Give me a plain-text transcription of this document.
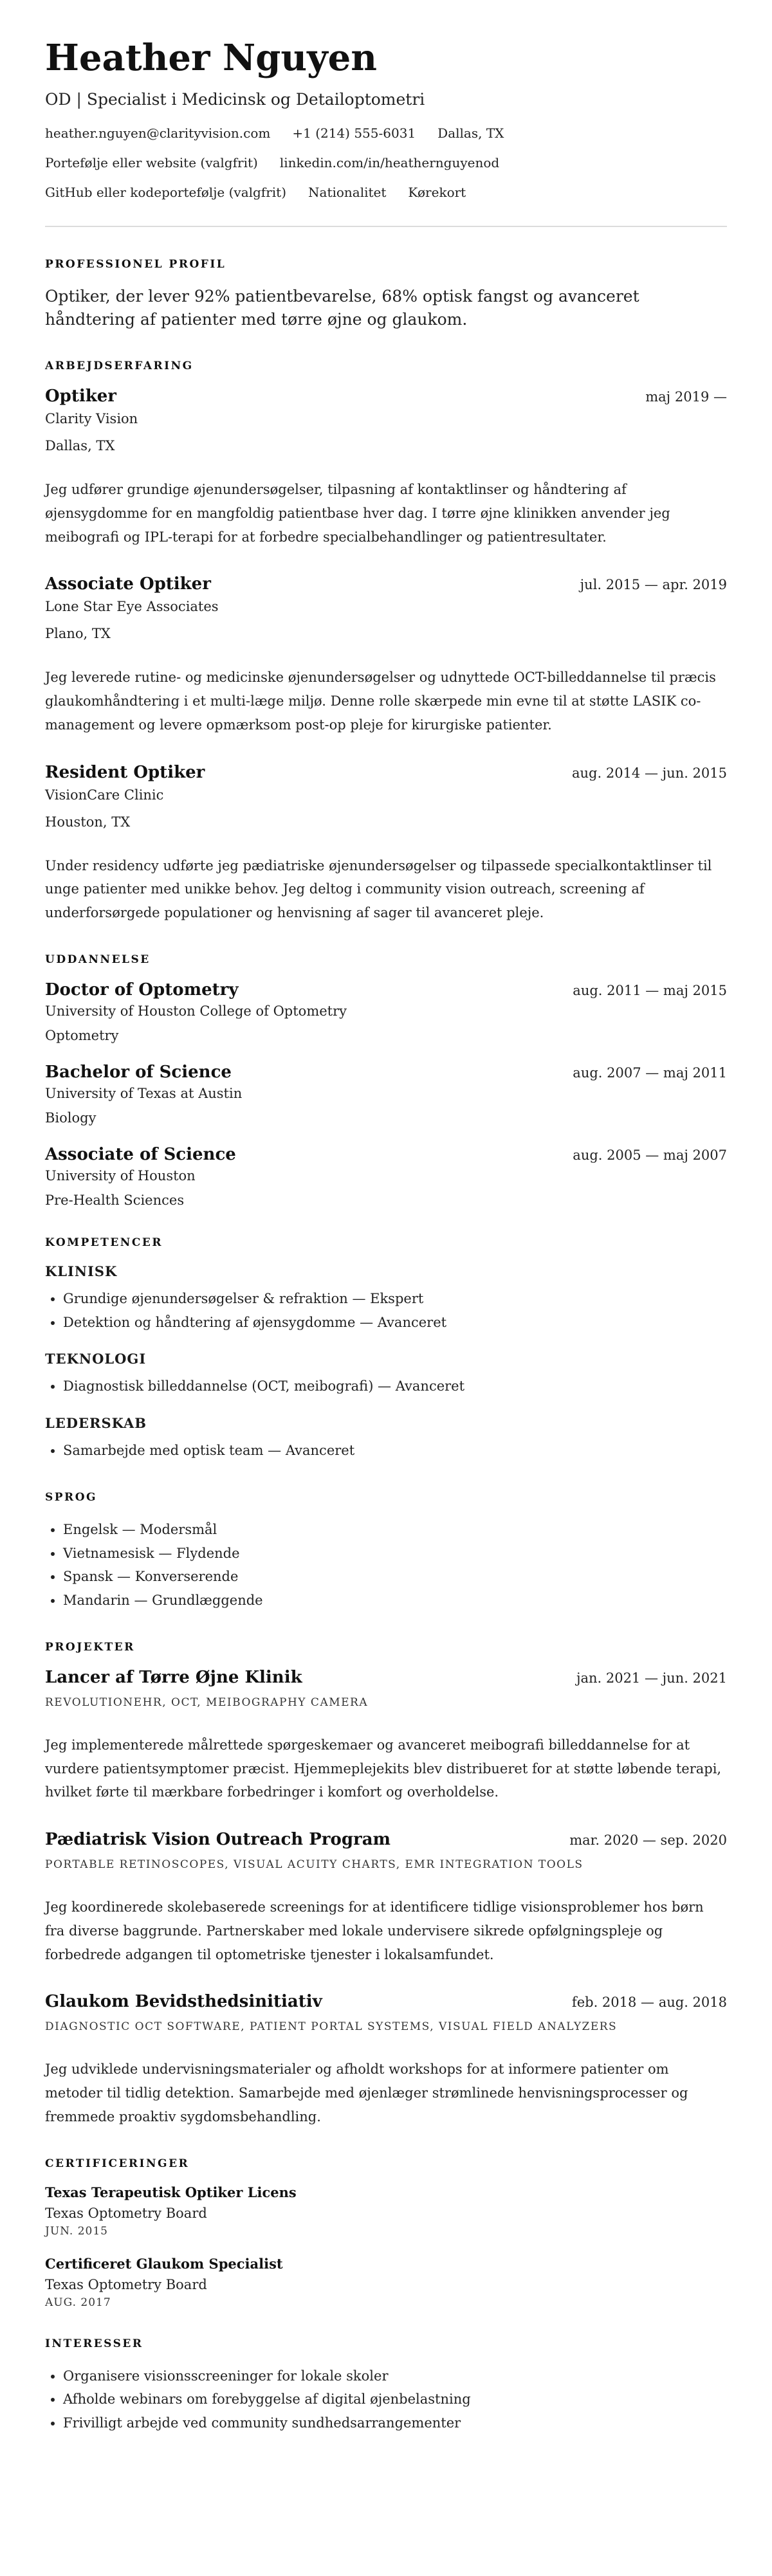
Heather Nguyen
OD | Specialist i Medicinsk og Detailoptometri
heather.nguyen@clarityvision.com +1 (214) 555-6031 Dallas, TX
Portefølje eller website (valgfrit) linkedin.com/in/heathernguyenod
GitHub eller kodeportefølje (valgfrit) Nationalitet Kørekort
PROFESSIONEL PROFIL

Optiker, der lever 92% patientbevarelse, 68% optisk fangst og avanceret håndtering af patienter med tørre øjne og glaukom.

ARBEJDSERFARING
Optiker	maj 2019 —
Clarity Vision
Dallas, TX
Jeg udfører grundige øjenundersøgelser, tilpasning af kontaktlinser og håndtering af øjensygdomme for en mangfoldig patientbase hver dag. I tørre øjne klinikken anvender jeg meibografi og IPL-terapi for at forbedre specialbehandlinger og patientresultater.
Associate Optiker	jul. 2015 — apr. 2019
Lone Star Eye Associates
Plano, TX
Jeg leverede rutine- og medicinske øjenundersøgelser og udnyttede OCT-billeddannelse til præcis glaukomhåndtering i et multi-læge miljø. Denne rolle skærpede min evne til at støtte LASIK co-management og levere opmærksom post-op pleje for kirurgiske patienter.
Resident Optiker	aug. 2014 — jun. 2015
VisionCare Clinic
Houston, TX
Under residency udførte jeg pædiatriske øjenundersøgelser og tilpassede specialkontaktlinser til unge patienter med unikke behov. Jeg deltog i community vision outreach, screening af underforsørgede populationer og henvisning af sager til avanceret pleje.
UDDANNELSE
Doctor of Optometry	aug. 2011 — maj 2015
University of Houston College of Optometry
Optometry
Bachelor of Science	aug. 2007 — maj 2011
University of Texas at Austin
Biology
Associate of Science	aug. 2005 — maj 2007
University of Houston
Pre-Health Sciences
KOMPETENCER
KLINISK
• Grundige øjenundersøgelser & refraktion — Ekspert
• Detektion og håndtering af øjensygdomme — Avanceret
TEKNOLOGI
• Diagnostisk billeddannelse (OCT, meibografi) — Avanceret
LEDERSKAB
• Samarbejde med optisk team — Avanceret
SPROG
• Engelsk — Modersmål
• Vietnamesisk — Flydende
• Spansk — Konverserende
• Mandarin — Grundlæggende
PROJEKTER
Lancer af Tørre Øjne Klinik	jan. 2021 — jun. 2021
REVOLUTIONEHR, OCT, MEIBOGRAPHY CAMERA
Jeg implementerede målrettede spørgeskemaer og avanceret meibografi billeddannelse for at vurdere patientsymptomer præcist. Hjemmeplejekits blev distribueret for at støtte løbende terapi, hvilket førte til mærkbare forbedringer i komfort og overholdelse.
Pædiatrisk Vision Outreach Program	mar. 2020 — sep. 2020
PORTABLE RETINOSCOPES, VISUAL ACUITY CHARTS, EMR INTEGRATION TOOLS
Jeg koordinerede skolebaserede screenings for at identificere tidlige visionsproblemer hos børn fra diverse baggrunde. Partnerskaber med lokale undervisere sikrede opfølgningspleje og forbedrede adgangen til optometriske tjenester i lokalsamfundet.
Glaukom Bevidsthedsinitiativ	feb. 2018 — aug. 2018
DIAGNOSTIC OCT SOFTWARE, PATIENT PORTAL SYSTEMS, VISUAL FIELD ANALYZERS
Jeg udviklede undervisningsmaterialer og afholdt workshops for at informere patienter om metoder til tidlig detektion. Samarbejde med øjenlæger strømlinede henvisningsprocesser og fremmede proaktiv sygdomsbehandling.
CERTIFICERINGER
Texas Terapeutisk Optiker Licens
Texas Optometry Board
JUN. 2015
Certificeret Glaukom Specialist
Texas Optometry Board
AUG. 2017
INTERESSER
• Organisere visionsscreeninger for lokale skoler
• Afholde webinars om forebyggelse af digital øjenbelastning
• Frivilligt arbejde ved community sundhedsarrangementer
